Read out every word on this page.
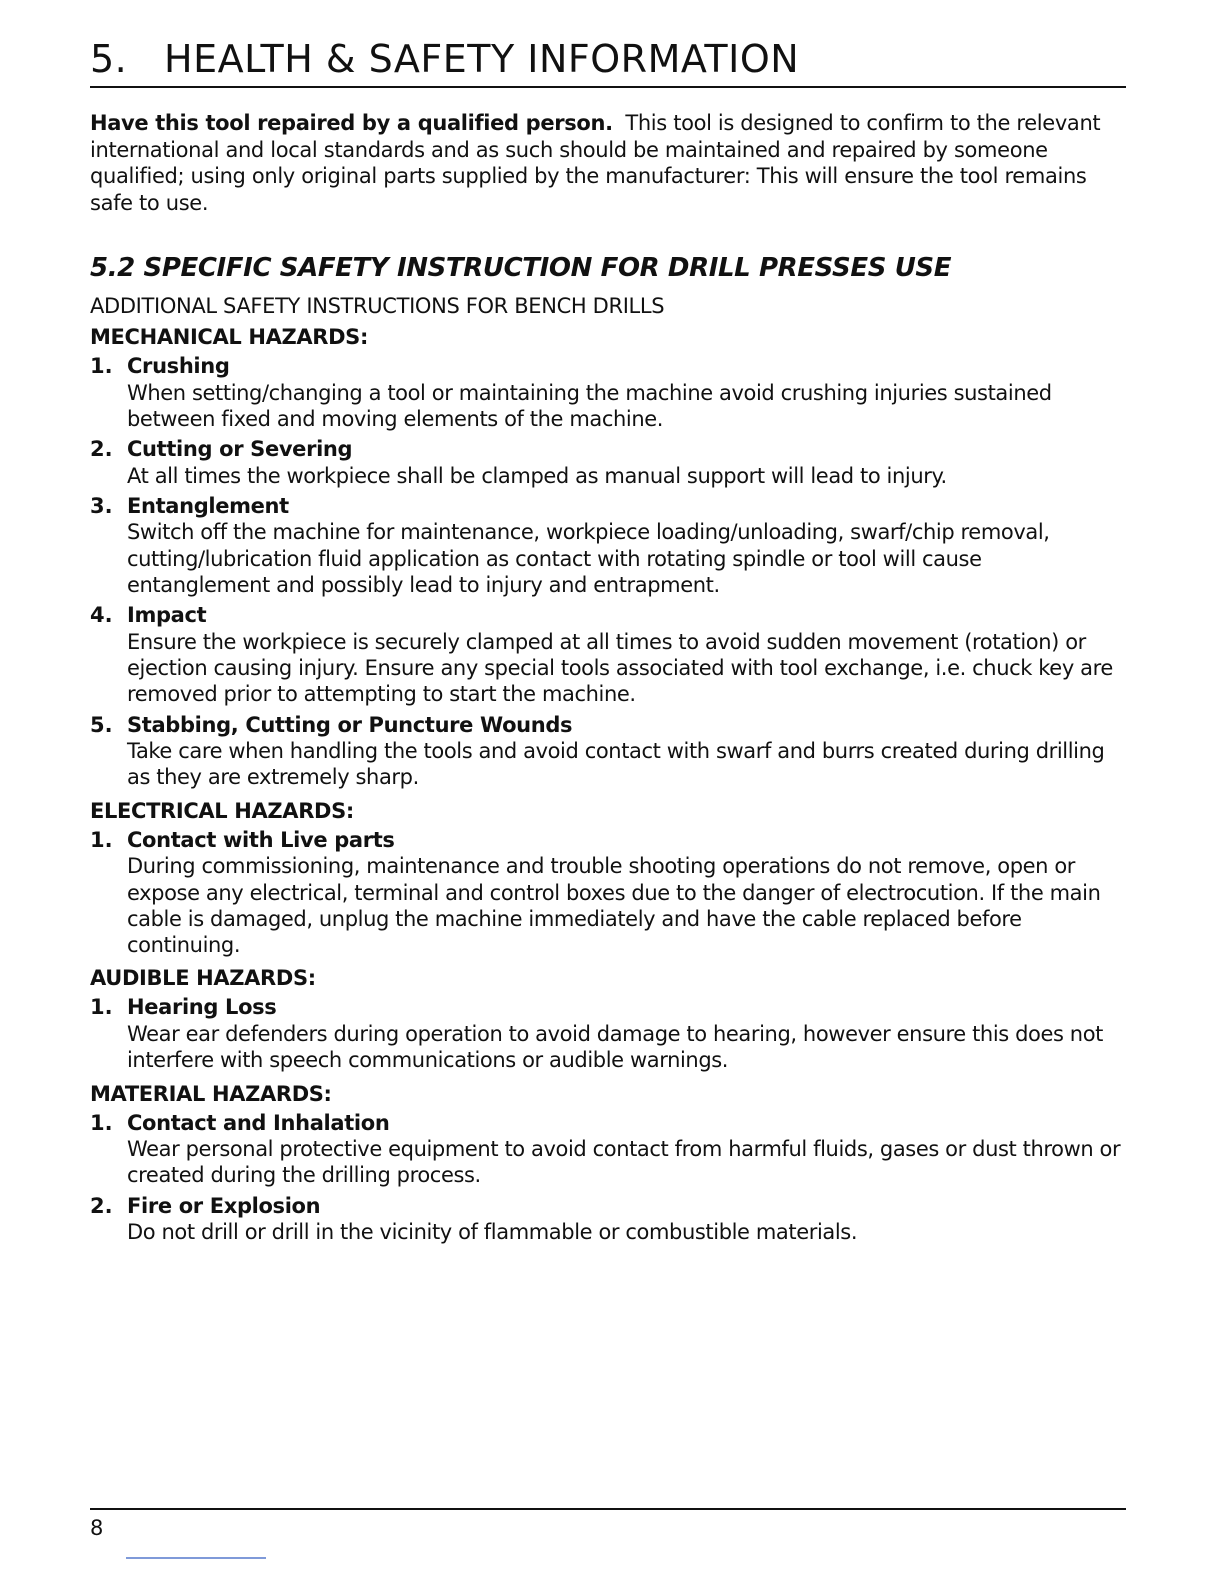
5. HEALTH & SAFETY INFORMATION

Have this tool repaired by a qualified person. This tool is designed to confirm to the relevant international and local standards and as such should be maintained and repaired by someone qualified; using only original parts supplied by the manufacturer: This will ensure the tool remains safe to use.

5.2 SPECIFIC SAFETY INSTRUCTION FOR DRILL PRESSES USE
ADDITIONAL SAFETY INSTRUCTIONS FOR BENCH DRILLS
MECHANICAL HAZARDS:
1. Crushing
When setting/changing a tool or maintaining the machine avoid crushing injuries sustained between fixed and moving elements of the machine.
2. Cutting or Severing
At all times the workpiece shall be clamped as manual support will lead to injury.
3. Entanglement
Switch off the machine for maintenance, workpiece loading/unloading, swarf/chip removal, cutting/lubrication fluid application as contact with rotating spindle or tool will cause entanglement and possibly lead to injury and entrapment.
4. Impact
Ensure the workpiece is securely clamped at all times to avoid sudden movement (rotation) or ejection causing injury. Ensure any special tools associated with tool exchange, i.e. chuck key are removed prior to attempting to start the machine.
5. Stabbing, Cutting or Puncture Wounds
Take care when handling the tools and avoid contact with swarf and burrs created during drilling as they are extremely sharp.
ELECTRICAL HAZARDS:
1. Contact with Live parts
During commissioning, maintenance and trouble shooting operations do not remove, open or expose any electrical, terminal and control boxes due to the danger of electrocution. If the main cable is damaged, unplug the machine immediately and have the cable replaced before continuing.
AUDIBLE HAZARDS:
1. Hearing Loss
Wear ear defenders during operation to avoid damage to hearing, however ensure this does not interfere with speech communications or audible warnings.
MATERIAL HAZARDS:
1. Contact and Inhalation
Wear personal protective equipment to avoid contact from harmful fluids, gases or dust thrown or created during the drilling process.
2. Fire or Explosion
Do not drill or drill in the vicinity of flammable or combustible materials.
8
